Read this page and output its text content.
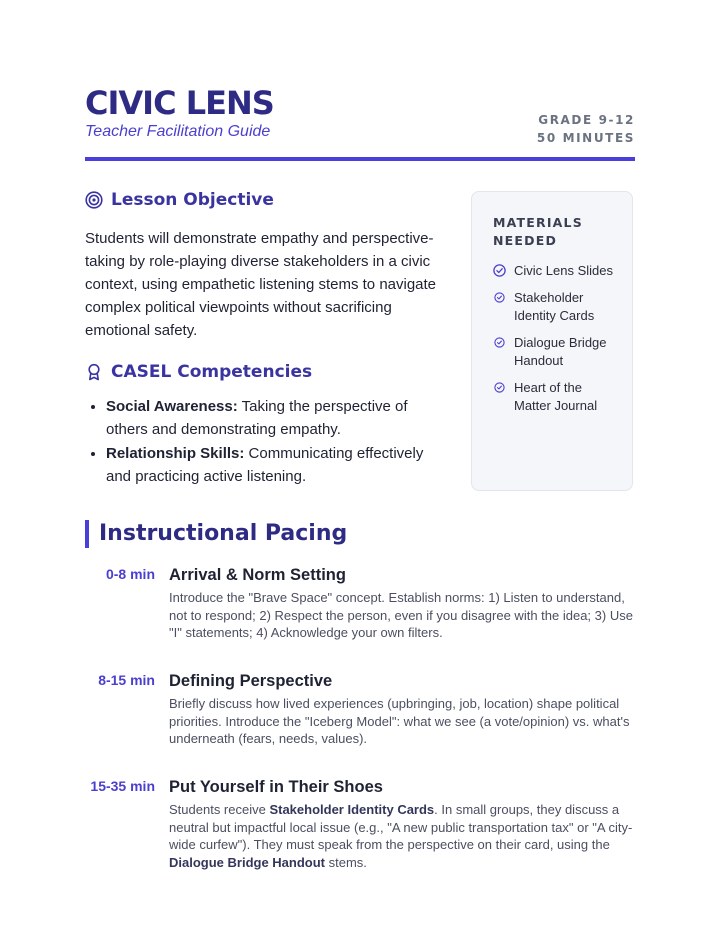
CIVIC LENS
Teacher Facilitation Guide
GRADE 9-12
50 MINUTES
Lesson Objective

Students will demonstrate empathy and perspective-taking by role-playing diverse stakeholders in a civic context, using empathetic listening stems to navigate complex political viewpoints without sacrificing emotional safety.

CASEL Competencies
• Social Awareness: Taking the perspective of others and demonstrating empathy.
• Relationship Skills: Communicating effectively and practicing active listening.
MATERIALS NEEDED
Civic Lens Slides
Stakeholder Identity Cards
Dialogue Bridge Handout
Heart of the Matter Journal
Instructional Pacing
0-8 min Arrival & Norm Setting
Introduce the "Brave Space" concept. Establish norms: 1) Listen to understand, not to respond; 2) Respect the person, even if you disagree with the idea; 3) Use "I" statements; 4) Acknowledge your own filters.
8-15 min Defining Perspective
Briefly discuss how lived experiences (upbringing, job, location) shape political priorities. Introduce the "Iceberg Model": what we see (a vote/opinion) vs. what's underneath (fears, needs, values).
15-35 min Put Yourself in Their Shoes
Students receive Stakeholder Identity Cards. In small groups, they discuss a neutral but impactful local issue (e.g., "A new public transportation tax" or "A city-wide curfew"). They must speak from the perspective on their card, using the Dialogue Bridge Handout stems.
